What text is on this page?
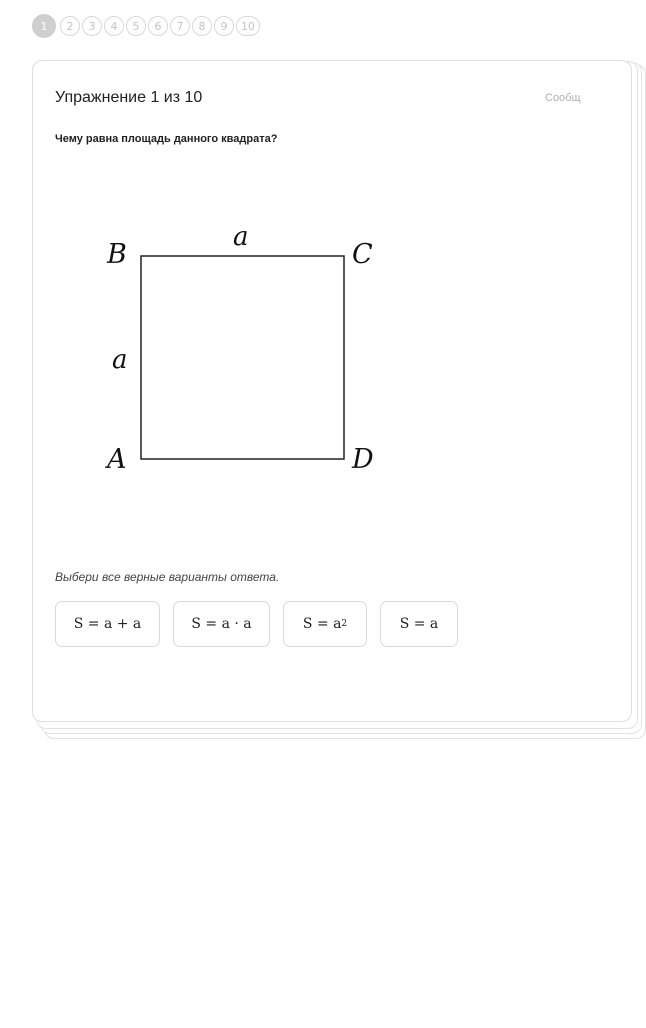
1	2	3	4	5	6	7	8	9	10
Упражнение 1 из 10	Сообщ
Чему равна площадь данного квадрата?
B	C
A	D
a
a
Выбери все верные варианты ответа.
S = a + a	S = a · a	S = a 2	S = a
